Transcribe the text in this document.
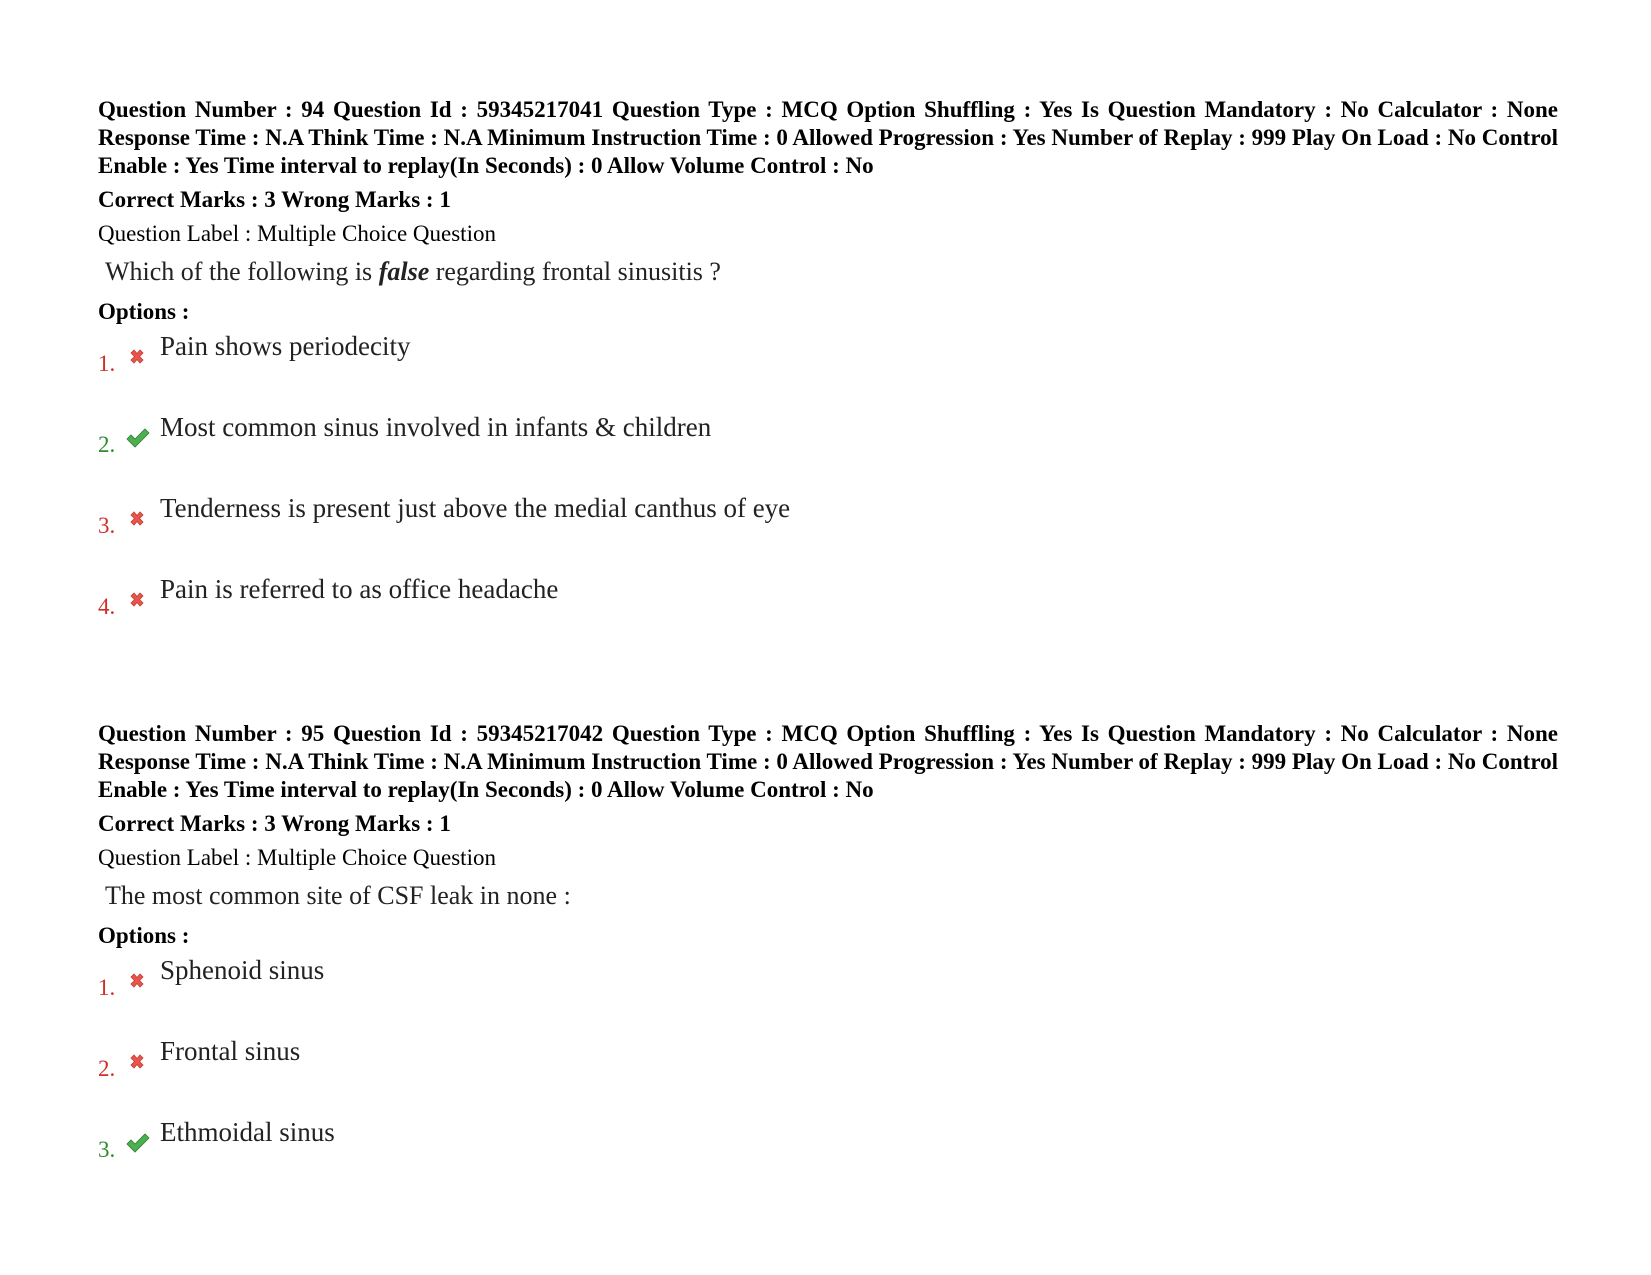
Question Number : 94 Question Id : 59345217041 Question Type : MCQ Option Shuffling : Yes Is Question Mandatory : No Calculator : None Response Time : N.A Think Time : N.A Minimum Instruction Time : 0 Allowed Progression : Yes Number of Replay : 999 Play On Load : No Control Enable : Yes Time interval to replay(In Seconds) : 0 Allow Volume Control : No

Correct Marks : 3 Wrong Marks : 1

Question Label : Multiple Choice Question

Which of the following is false regarding frontal sinusitis ?

Options :

1.
Pain shows periodecity
2.
Most common sinus involved in infants & children
3.
Tenderness is present just above the medial canthus of eye
4.
Pain is referred to as office headache

Question Number : 95 Question Id : 59345217042 Question Type : MCQ Option Shuffling : Yes Is Question Mandatory : No Calculator : None Response Time : N.A Think Time : N.A Minimum Instruction Time : 0 Allowed Progression : Yes Number of Replay : 999 Play On Load : No Control Enable : Yes Time interval to replay(In Seconds) : 0 Allow Volume Control : No

Correct Marks : 3 Wrong Marks : 1

Question Label : Multiple Choice Question

The most common site of CSF leak in none :

Options :

1.
Sphenoid sinus
2.
Frontal sinus
3.
Ethmoidal sinus
